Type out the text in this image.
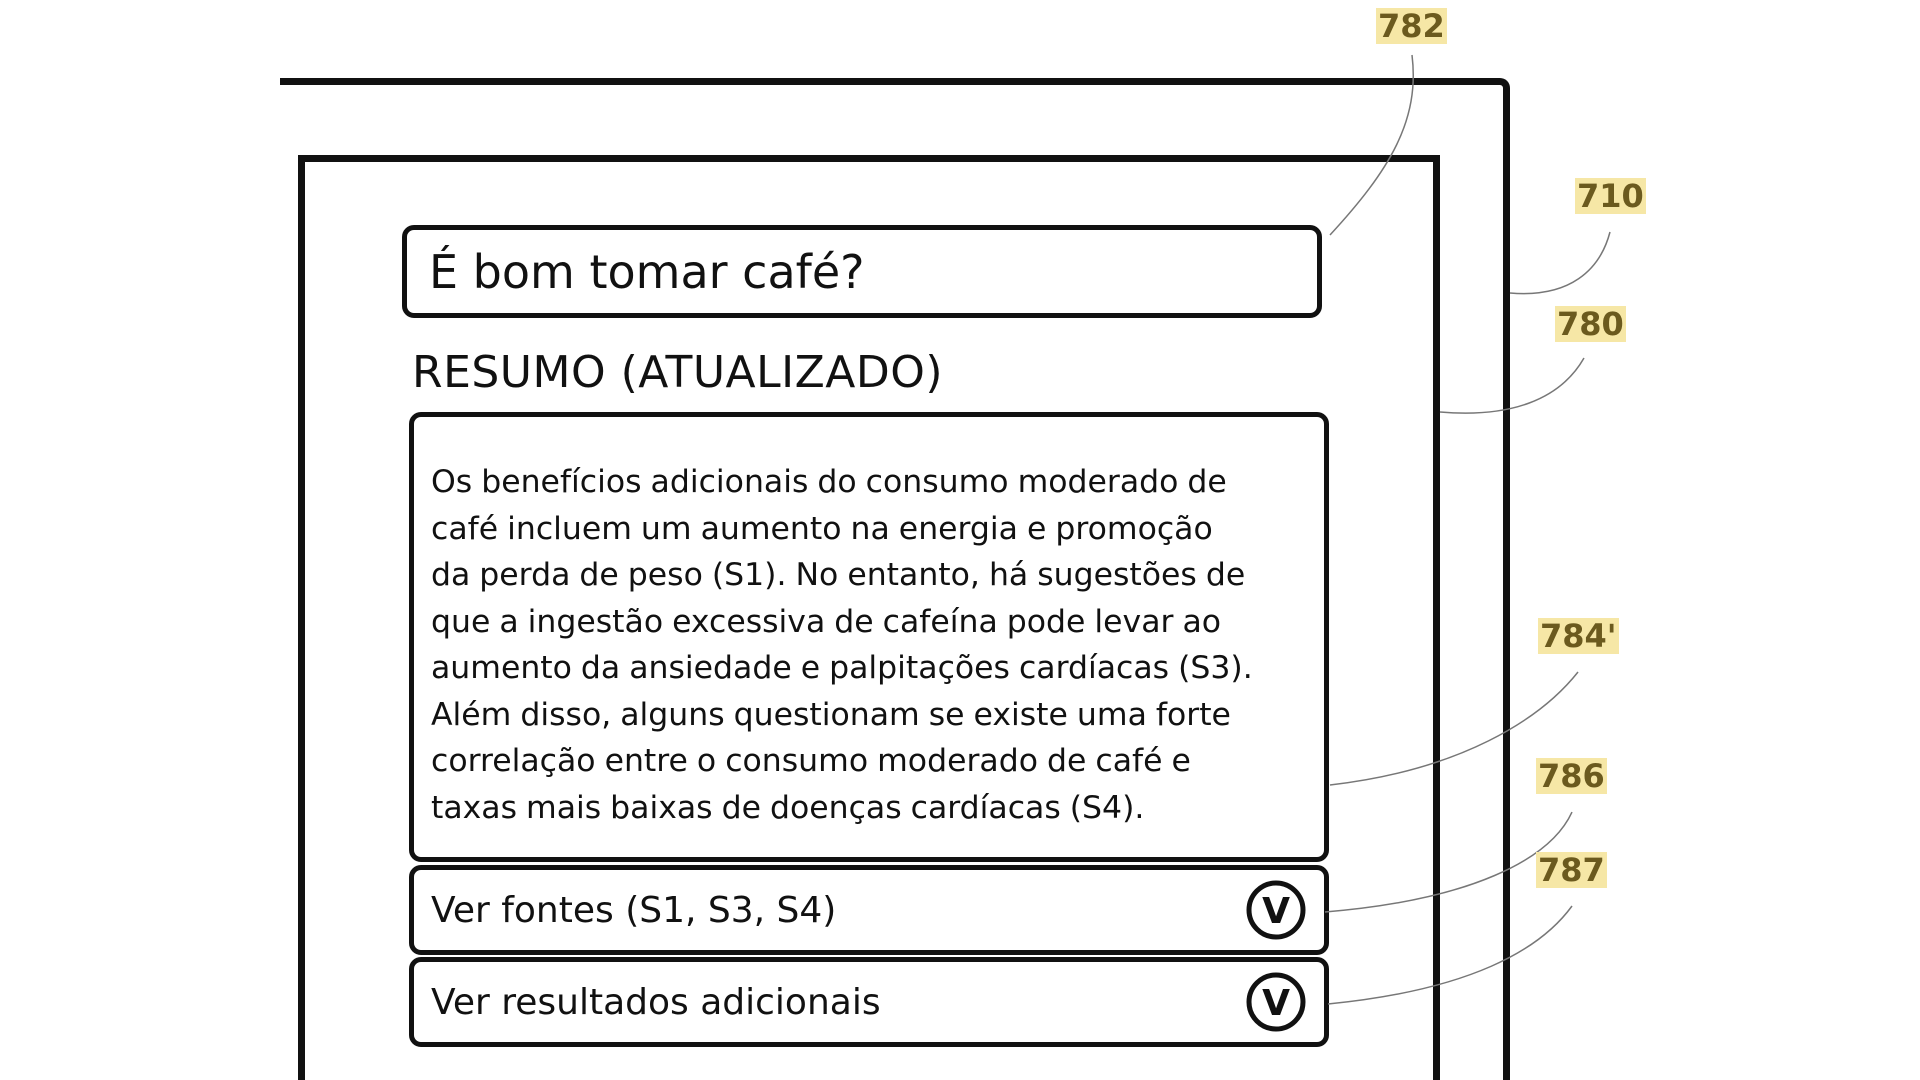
É bom tomar café?
RESUMO (ATUALIZADO)
Os benefícios adicionais do consumo moderado de
café incluem um aumento na energia e promoção
da perda de peso (S1). No entanto, há sugestões de
que a ingestão excessiva de cafeína pode levar ao
aumento da ansiedade e palpitações cardíacas (S3).
Além disso, alguns questionam se existe uma forte
correlação entre o consumo moderado de café e
taxas mais baixas de doenças cardíacas (S4).
Ver fontes (S1, S3, S4)	V
Ver resultados adicionais	V
782
710
780
784'
786
787
